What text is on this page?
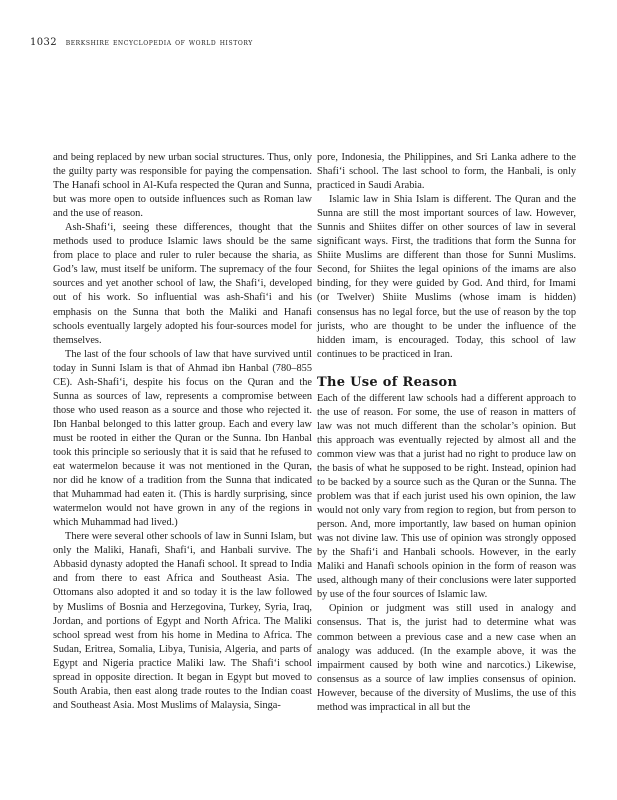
1032 berkshire encyclopedia of world history

and being replaced by new urban social structures. Thus, only the guilty party was responsible for paying the compensation. The Hanafi school in Al-Kufa respected the Quran and Sunna, but was more open to outside influences such as Roman law and the use of reason.

Ash-Shafi‘i, seeing these differences, thought that the methods used to produce Islamic laws should be the same from place to place and ruler to ruler because the sharia, as God’s law, must itself be uniform. The supremacy of the four sources and yet another school of law, the Shafi‘i, developed out of his work. So influential was ash-Shafi‘i and his emphasis on the Sunna that both the Maliki and Hanafi schools eventually largely adopted his four-sources model for themselves.

The last of the four schools of law that have survived until today in Sunni Islam is that of Ahmad ibn Hanbal (780–855 CE). Ash-Shafi‘i, despite his focus on the Quran and the Sunna as sources of law, represents a compromise between those who used reason as a source and those who rejected it. Ibn Hanbal belonged to this latter group. Each and every law must be rooted in either the Quran or the Sunna. Ibn Hanbal took this principle so seriously that it is said that he refused to eat watermelon because it was not mentioned in the Quran, nor did he know of a tradition from the Sunna that indicated that Muhammad had eaten it. (This is hardly surprising, since watermelon would not have grown in any of the regions in which Muhammad had lived.)

There were several other schools of law in Sunni Islam, but only the Maliki, Hanafi, Shafi‘i, and Hanbali survive. The Abbasid dynasty adopted the Hanafi school. It spread to India and from there to east Africa and Southeast Asia. The Ottomans also adopted it and so today it is the law followed by Muslims of Bosnia and Herzegovina, Turkey, Syria, Iraq, Jordan, and portions of Egypt and North Africa. The Maliki school spread west from his home in Medina to Africa. The Sudan, Eritrea, Somalia, Libya, Tunisia, Algeria, and parts of Egypt and Nigeria practice Maliki law. The Shafi‘i school spread in opposite direction. It began in Egypt but moved to South Arabia, then east along trade routes to the Indian coast and Southeast Asia. Most Muslims of Malaysia, Singa-

pore, Indonesia, the Philippines, and Sri Lanka adhere to the Shafi‘i school. The last school to form, the Hanbali, is only practiced in Saudi Arabia.

Islamic law in Shia Islam is different. The Quran and the Sunna are still the most important sources of law. However, Sunnis and Shiites differ on other sources of law in several significant ways. First, the traditions that form the Sunna for Shiite Muslims are different than those for Sunni Muslims. Second, for Shiites the legal opinions of the imams are also binding, for they were guided by God. And third, for Imami (or Twelver) Shiite Muslims (whose imam is hidden) consensus has no legal force, but the use of reason by the top jurists, who are thought to be under the influence of the hidden imam, is encouraged. Today, this school of law continues to be practiced in Iran.

The Use of Reason

Each of the different law schools had a different approach to the use of reason. For some, the use of reason in matters of law was not much different than the scholar’s opinion. But this approach was eventually rejected by almost all and the common view was that a jurist had no right to produce law on the basis of what he supposed to be right. Instead, opinion had to be backed by a source such as the Quran or the Sunna. The problem was that if each jurist used his own opinion, the law would not only vary from region to region, but from person to person. And, more importantly, law based on human opinion was not divine law. This use of opinion was strongly opposed by the Shafi‘i and Hanbali schools. However, in the early Maliki and Hanafi schools opinion in the form of reason was used, although many of their conclusions were later supported by use of the four sources of Islamic law.

Opinion or judgment was still used in analogy and consensus. That is, the jurist had to determine what was common between a previous case and a new case when an analogy was adduced. (In the example above, it was the impairment caused by both wine and narcotics.) Likewise, consensus as a source of law implies consensus of opinion. However, because of the diversity of Muslims, the use of this method was impractical in all but the
